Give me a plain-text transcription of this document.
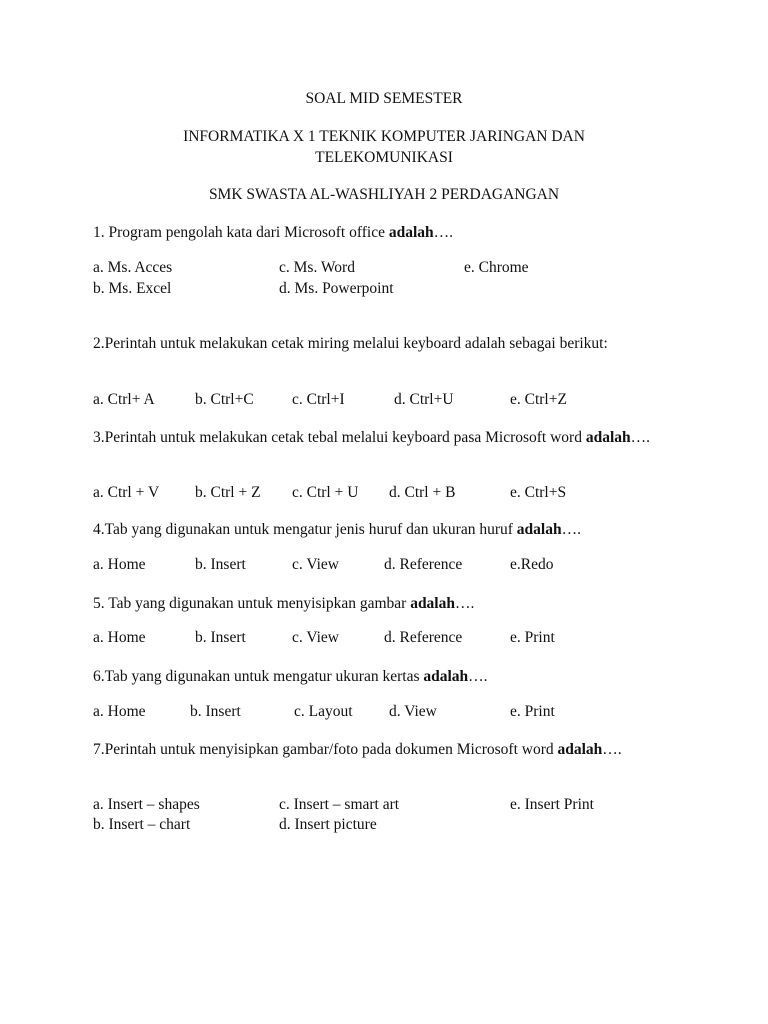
SOAL MID SEMESTER
INFORMATIKA X 1 TEKNIK KOMPUTER JARINGAN DAN
TELEKOMUNIKASI
SMK SWASTA AL-WASHLIYAH 2 PERDAGANGAN
1. Program pengolah kata dari Microsoft office adalah….
a. Ms. Acces	c. Ms. Word	e. Chrome
b. Ms. Excel	d. Ms. Powerpoint
2.Perintah untuk melakukan cetak miring melalui keyboard adalah sebagai berikut:
a. Ctrl+ A	b. Ctrl+C c. Ctrl+I	d. Ctrl+U	e. Ctrl+Z
3.Perintah untuk melakukan cetak tebal melalui keyboard pasa Microsoft word adalah….
a. Ctrl + V b. Ctrl + Z c. Ctrl + U d. Ctrl + B	e. Ctrl+S
4.Tab yang digunakan untuk mengatur jenis huruf dan ukuran huruf adalah….
a. Home	b. Insert	c. View	d. Reference	e.Redo
5. Tab yang digunakan untuk menyisipkan gambar adalah….
a. Home	b. Insert	c. View	d. Reference	e. Print
6.Tab yang digunakan untuk mengatur ukuran kertas adalah….
a. Home	b. Insert	c. Layout d. View	e. Print
7.Perintah untuk menyisipkan gambar/foto pada dokumen Microsoft word adalah….
a. Insert – shapes	c. Insert – smart art	e. Insert Print
b. Insert – chart	d. Insert picture
